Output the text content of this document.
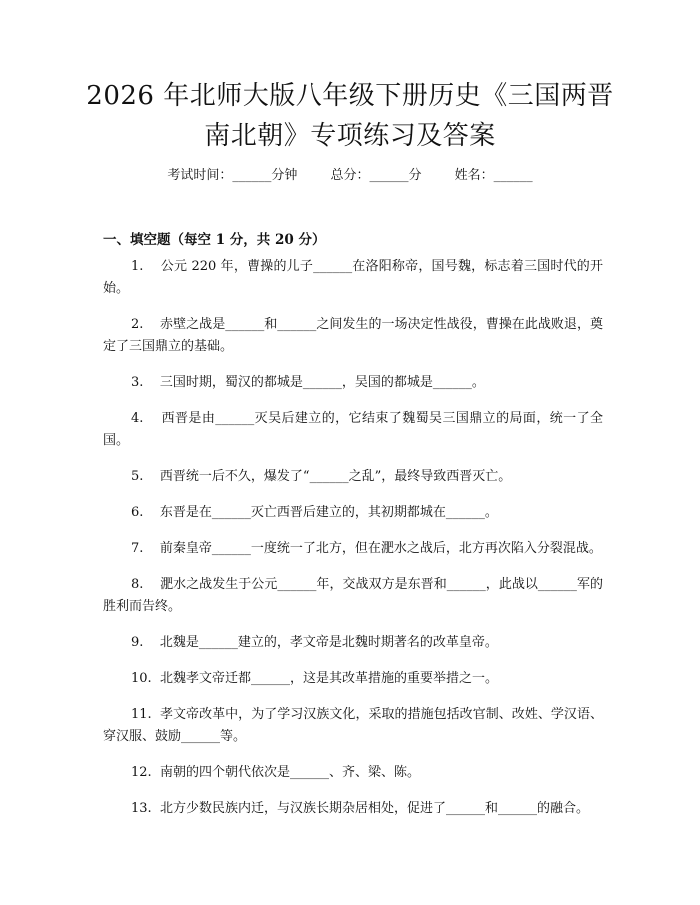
2026 年北师大版八年级下册历史《三国两晋
南北朝》专项练习及答案
考试时间：______分钟	总分：______分	姓名：______
一、填空题（每空 1 分，共 20 分）
1.    公元 220 年，曹操的儿子______在洛阳称帝，国号魏，标志着三国时代的开始。
2.    赤壁之战是______和______之间发生的一场决定性战役，曹操在此战败退，奠定了三国鼎立的基础。
3.    三国时期，蜀汉的都城是______，吴国的都城是______。
4.    西晋是由______灭吴后建立的，它结束了魏蜀吴三国鼎立的局面，统一了全国。
5.    西晋统一后不久，爆发了“______之乱”，最终导致西晋灭亡。
6.    东晋是在______灭亡西晋后建立的，其初期都城在______。
7.    前秦皇帝______一度统一了北方，但在淝水之战后，北方再次陷入分裂混战。
8.    淝水之战发生于公元______年，交战双方是东晋和______，此战以______军的胜利而告终。
9.    北魏是______建立的，孝文帝是北魏时期著名的改革皇帝。
10.  北魏孝文帝迁都______，这是其改革措施的重要举措之一。
11.  孝文帝改革中，为了学习汉族文化，采取的措施包括改官制、改姓、学汉语、穿汉服、鼓励______等。
12.  南朝的四个朝代依次是______、齐、梁、陈。
13.  北方少数民族内迁，与汉族长期杂居相处，促进了______和______的融合。
